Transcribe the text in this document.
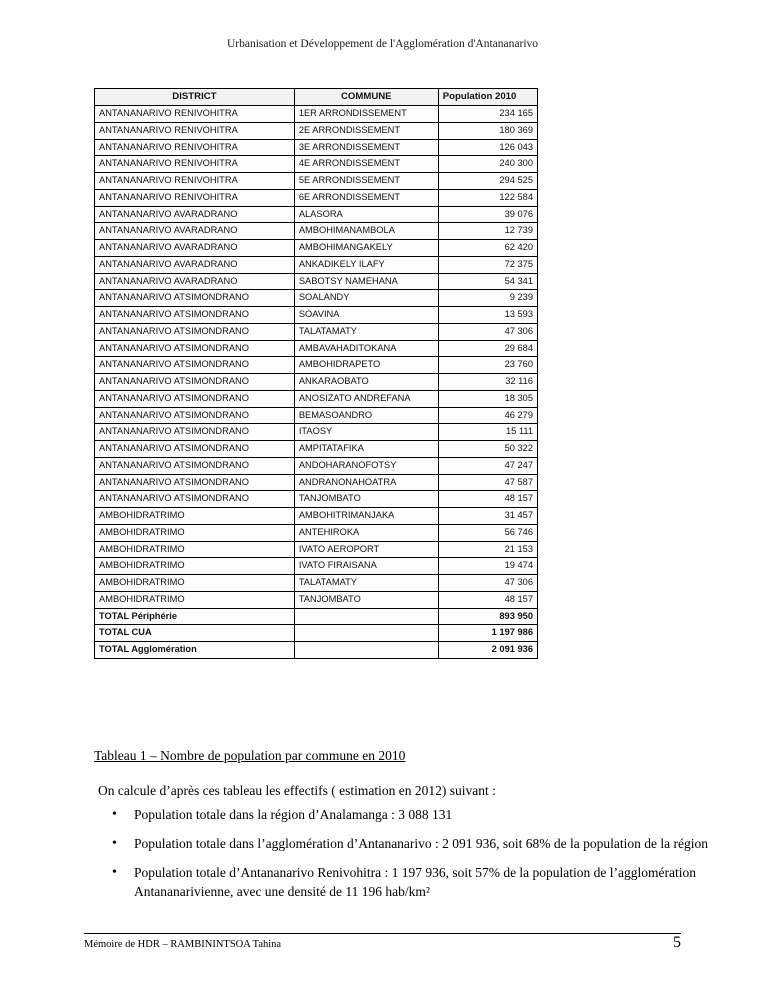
Urbanisation et Développement de l'Agglomération d'Antananarivo
DISTRICT	COMMUNE	Population 2010
ANTANANARIVO RENIVOHITRA	1ER ARRONDISSEMENT	234 165
ANTANANARIVO RENIVOHITRA	2E ARRONDISSEMENT	180 369
ANTANANARIVO RENIVOHITRA	3E ARRONDISSEMENT	126 043
ANTANANARIVO RENIVOHITRA	4E ARRONDISSEMENT	240 300
ANTANANARIVO RENIVOHITRA	5E ARRONDISSEMENT	294 525
ANTANANARIVO RENIVOHITRA	6E ARRONDISSEMENT	122 584
ANTANANARIVO AVARADRANO	ALASORA	39 076
ANTANANARIVO AVARADRANO	AMBOHIMANAMBOLA	12 739
ANTANANARIVO AVARADRANO	AMBOHIMANGAKELY	62 420
ANTANANARIVO AVARADRANO	ANKADIKELY ILAFY	72 375
ANTANANARIVO AVARADRANO	SABOTSY NAMEHANA	54 341
ANTANANARIVO ATSIMONDRANO	SOALANDY	9 239
ANTANANARIVO ATSIMONDRANO	SOAVINA	13 593
ANTANANARIVO ATSIMONDRANO	TALATAMATY	47 306
ANTANANARIVO ATSIMONDRANO	AMBAVAHADITOKANA	29 684
ANTANANARIVO ATSIMONDRANO	AMBOHIDRAPETO	23 760
ANTANANARIVO ATSIMONDRANO	ANKARAOBATO	32 116
ANTANANARIVO ATSIMONDRANO	ANOSIZATO ANDREFANA	18 305
ANTANANARIVO ATSIMONDRANO	BEMASOANDRO	46 279
ANTANANARIVO ATSIMONDRANO	ITAOSY	15 111
ANTANANARIVO ATSIMONDRANO	AMPITATAFIKA	50 322
ANTANANARIVO ATSIMONDRANO	ANDOHARANOFOTSY	47 247
ANTANANARIVO ATSIMONDRANO	ANDRANONAHOATRA	47 587
ANTANANARIVO ATSIMONDRANO	TANJOMBATO	48 157
AMBOHIDRATRIMO	AMBOHITRIMANJAKA	31 457
AMBOHIDRATRIMO	ANTEHIROKA	56 746
AMBOHIDRATRIMO	IVATO AEROPORT	21 153
AMBOHIDRATRIMO	IVATO FIRAISANA	19 474
AMBOHIDRATRIMO	TALATAMATY	47 306
AMBOHIDRATRIMO	TANJOMBATO	48 157
TOTAL Périphérie		893 950
TOTAL CUA		1 197 986
TOTAL Agglomération		2 091 936
Tableau 1 – Nombre de population par commune en 2010
On calcule d’après ces tableau les effectifs ( estimation en 2012) suivant :
• Population totale dans la région d’Analamanga : 3 088 131
• Population totale dans l’agglomération d’Antananarivo : 2 091 936, soit 68% de la population de la région
• Population totale d’Antananarivo Renivohitra : 1 197 936, soit 57% de la population de l’agglomération Antananarivienne, avec une densité de 11 196 hab/km²
Mémoire de HDR – RAMBININTSOA Tahina	5
